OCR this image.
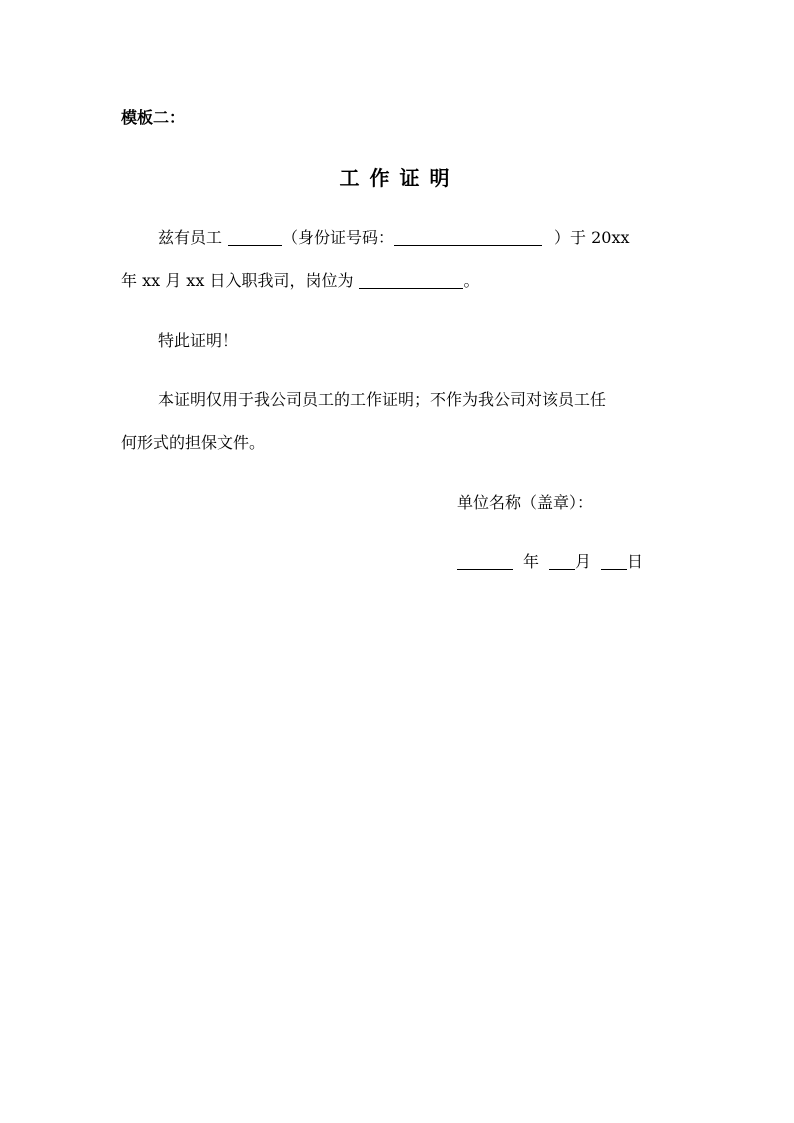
模板二：
工作证明
兹有员工	（身份证号码：	）于 20xx
年 xx 月 xx 日入职我司，岗位为	。
特此证明！
本证明仅用于我公司员工的工作证明；不作为我公司对该员工任
何形式的担保文件。
单位名称（盖章）：
年 月 日
